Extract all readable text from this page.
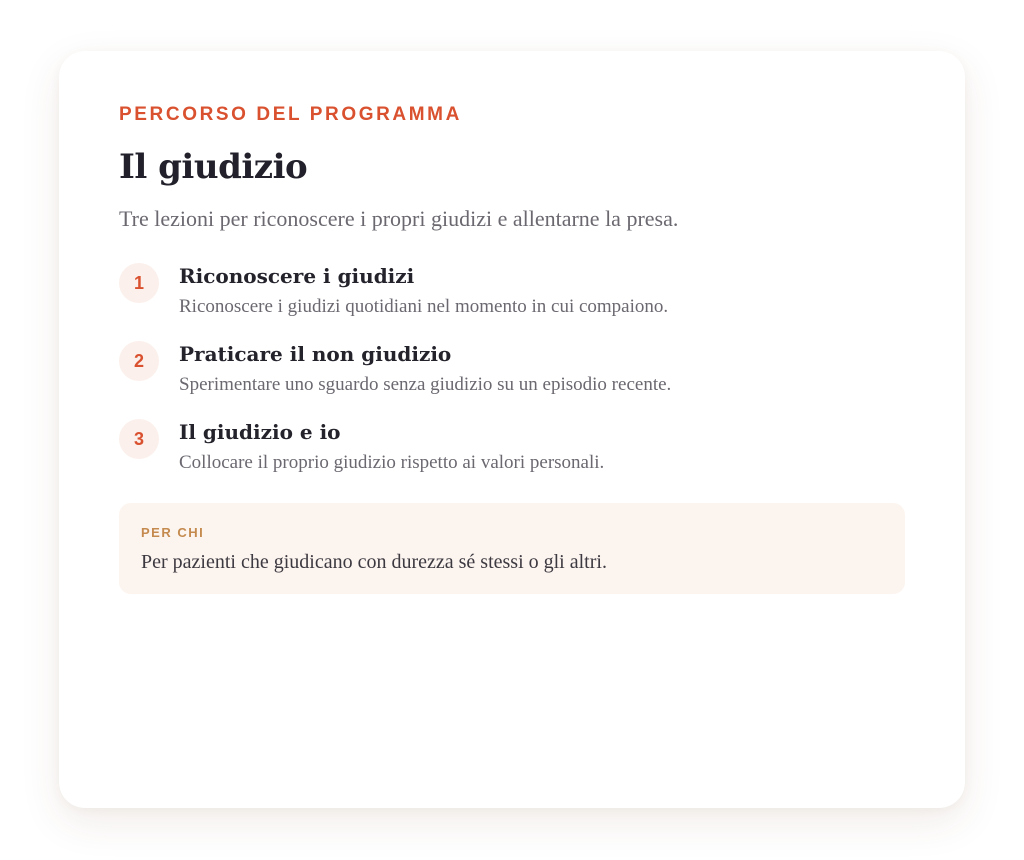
PERCORSO DEL PROGRAMMA

Il giudizio

Tre lezioni per riconoscere i propri giudizi e allentarne la presa.

1	Riconoscere i giudizi

Riconoscere i giudizi quotidiani nel momento in cui compaiono.

2	Praticare il non giudizio

Sperimentare uno sguardo senza giudizio su un episodio recente.

3	Il giudizio e io

Collocare il proprio giudizio rispetto ai valori personali.

PER CHI

Per pazienti che giudicano con durezza sé stessi o gli altri.
